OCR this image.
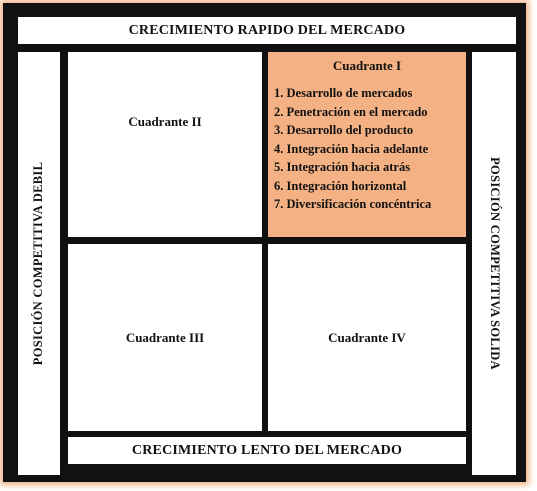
CRECIMIENTO RAPIDO DEL MERCADO
POSICIÓN COMPETITIVA DEBIL	POSICIÓN COMPETITIVA SOLIDA
Cuadrante II
Cuadrante I
1. Desarrollo de mercados
2. Penetración en el mercado
3. Desarrollo del producto
4. Integración hacia adelante
5. Integración hacia atrás
6. Integración horizontal
7. Diversificación concéntrica
Cuadrante III	Cuadrante IV
CRECIMIENTO LENTO DEL MERCADO
